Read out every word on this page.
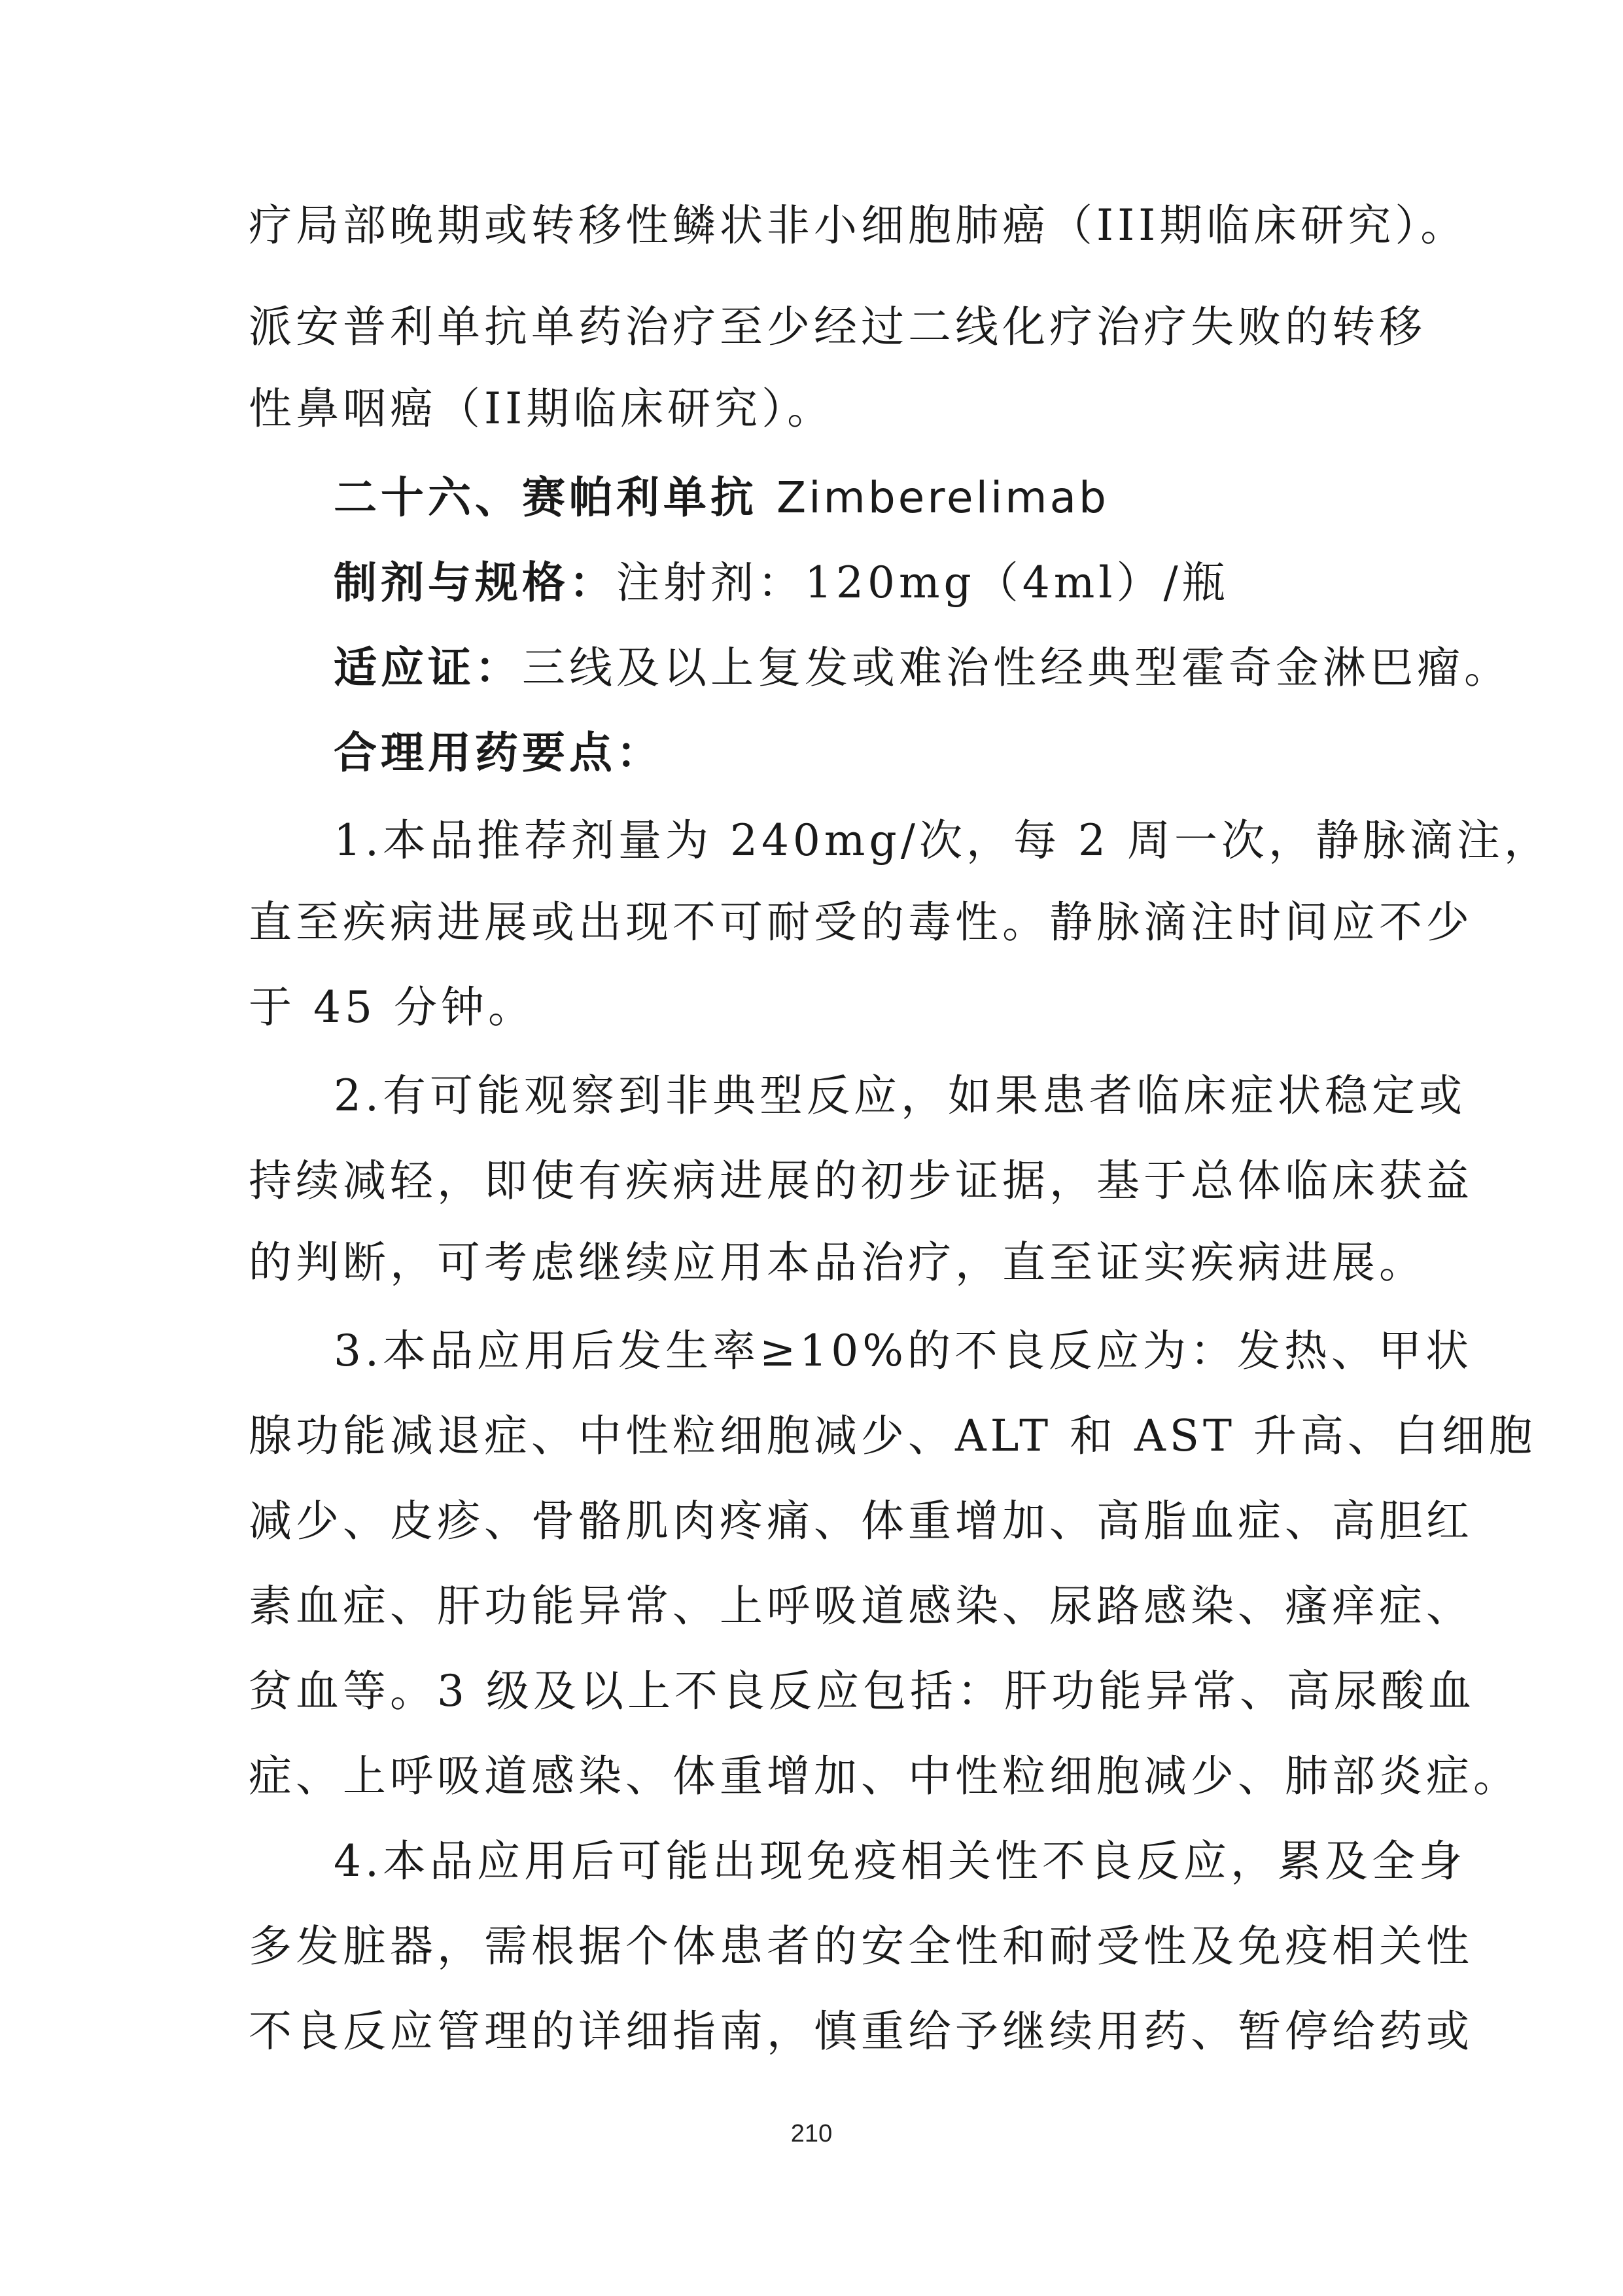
疗局部晚期或转移性鳞状非小细胞肺癌（III期临床研究）。
派安普利单抗单药治疗至少经过二线化疗治疗失败的转移
性鼻咽癌（II期临床研究）。
二十六、赛帕利单抗 Zimberelimab
制剂与规格：注射剂：120mg（4ml）/瓶
适应证：三线及以上复发或难治性经典型霍奇金淋巴瘤。
合理用药要点：
1.本品推荐剂量为 240mg/次，每 2 周一次，静脉滴注，
直至疾病进展或出现不可耐受的毒性。静脉滴注时间应不少
于 45 分钟。
2.有可能观察到非典型反应，如果患者临床症状稳定或
持续减轻，即使有疾病进展的初步证据，基于总体临床获益
的判断，可考虑继续应用本品治疗，直至证实疾病进展。
3.本品应用后发生率≥10%的不良反应为：发热、甲状
腺功能减退症、中性粒细胞减少、ALT 和 AST 升高、白细胞
减少、皮疹、骨骼肌肉疼痛、体重增加、高脂血症、高胆红
素血症、肝功能异常、上呼吸道感染、尿路感染、瘙痒症、
贫血等。3 级及以上不良反应包括：肝功能异常、高尿酸血
症、上呼吸道感染、体重增加、中性粒细胞减少、肺部炎症。
4.本品应用后可能出现免疫相关性不良反应，累及全身
多发脏器，需根据个体患者的安全性和耐受性及免疫相关性
不良反应管理的详细指南，慎重给予继续用药、暂停给药或
210
